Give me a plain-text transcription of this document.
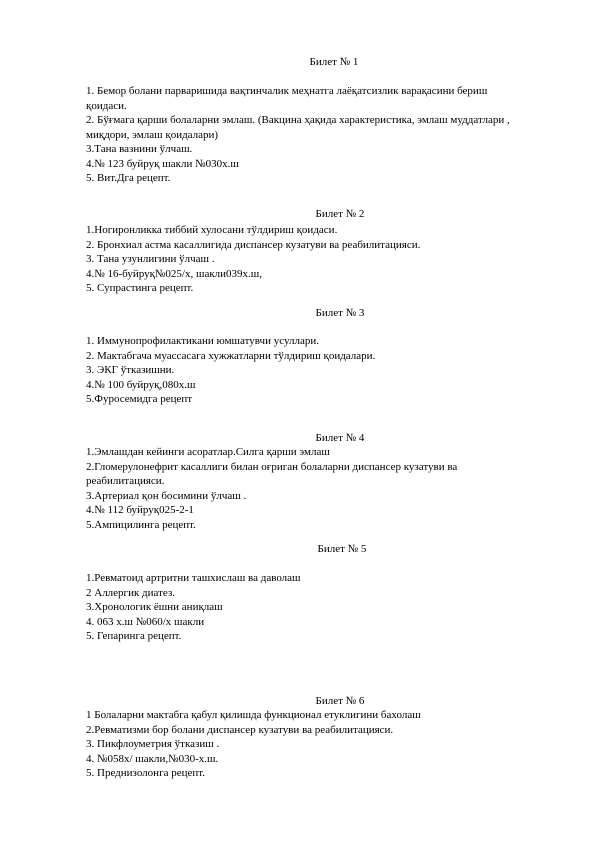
Билет № 1
1. Бемор болани парваришида вақтинчалик меҳнатга лаёқатсизлик варақасини бериш қоидаси.
2. Бўғмага қарши болаларни эмлаш. (Вакцина ҳақида характеристика, эмлаш муддатлари , миқдори, эмлаш қоидалари)
3.Тана вазнини ўлчаш.
4.№ 123 буйруқ шакли №030х.ш
5. Вит.Дга рецепт.
Билет № 2
1.Ногиронликка тиббий хулосани тўлдириш қоидаси.
2. Бронхиал астма касаллигида диспансер кузатуви ва реабилитацияси.
3. Тана узунлигини ўлчаш .
4.№ 16-буйруқ№025/х, шакли039х.ш,
5. Супрастинга рецепт.
Билет № 3
1. Иммунопрофилактикани юмшатувчи усуллари.
2. Мактабгача муассасага хужжатларни тўлдириш қоидалари.
3. ЭКГ ўтказишни.
4.№ 100 буйруқ,080х.ш
5.Фуросемидга рецепт
Билет № 4
1.Эмлашдан кейинги асоратлар.Силга қарши эмлаш
2.Гломерулонефрит касаллиги билан оғриган болаларни диспансер кузатуви ва реабилитацияси.
3.Артериал қон босимини ўлчаш .
4.№ 112 буйруқ025-2-1
5.Ампицилинга рецепт.
Билет № 5
1.Ревматоид артритни ташхислаш ва даволаш
2 Аллергик диатез.
3.Хронологик ёшни аниқлаш
4. 063 х.ш №060/х шакли
5. Гепаринга рецепт.
Билет № 6
1 Болаларни мактабга қабул қилишда функционал етуклигини бахолаш
2.Ревматизми бор болани диспансер кузатуви ва реабилитацияси.
3. Пикфлоуметрия ўтказиш .
4. №058х/ шакли,№030-х.ш.
5. Преднизолонга рецепт.
